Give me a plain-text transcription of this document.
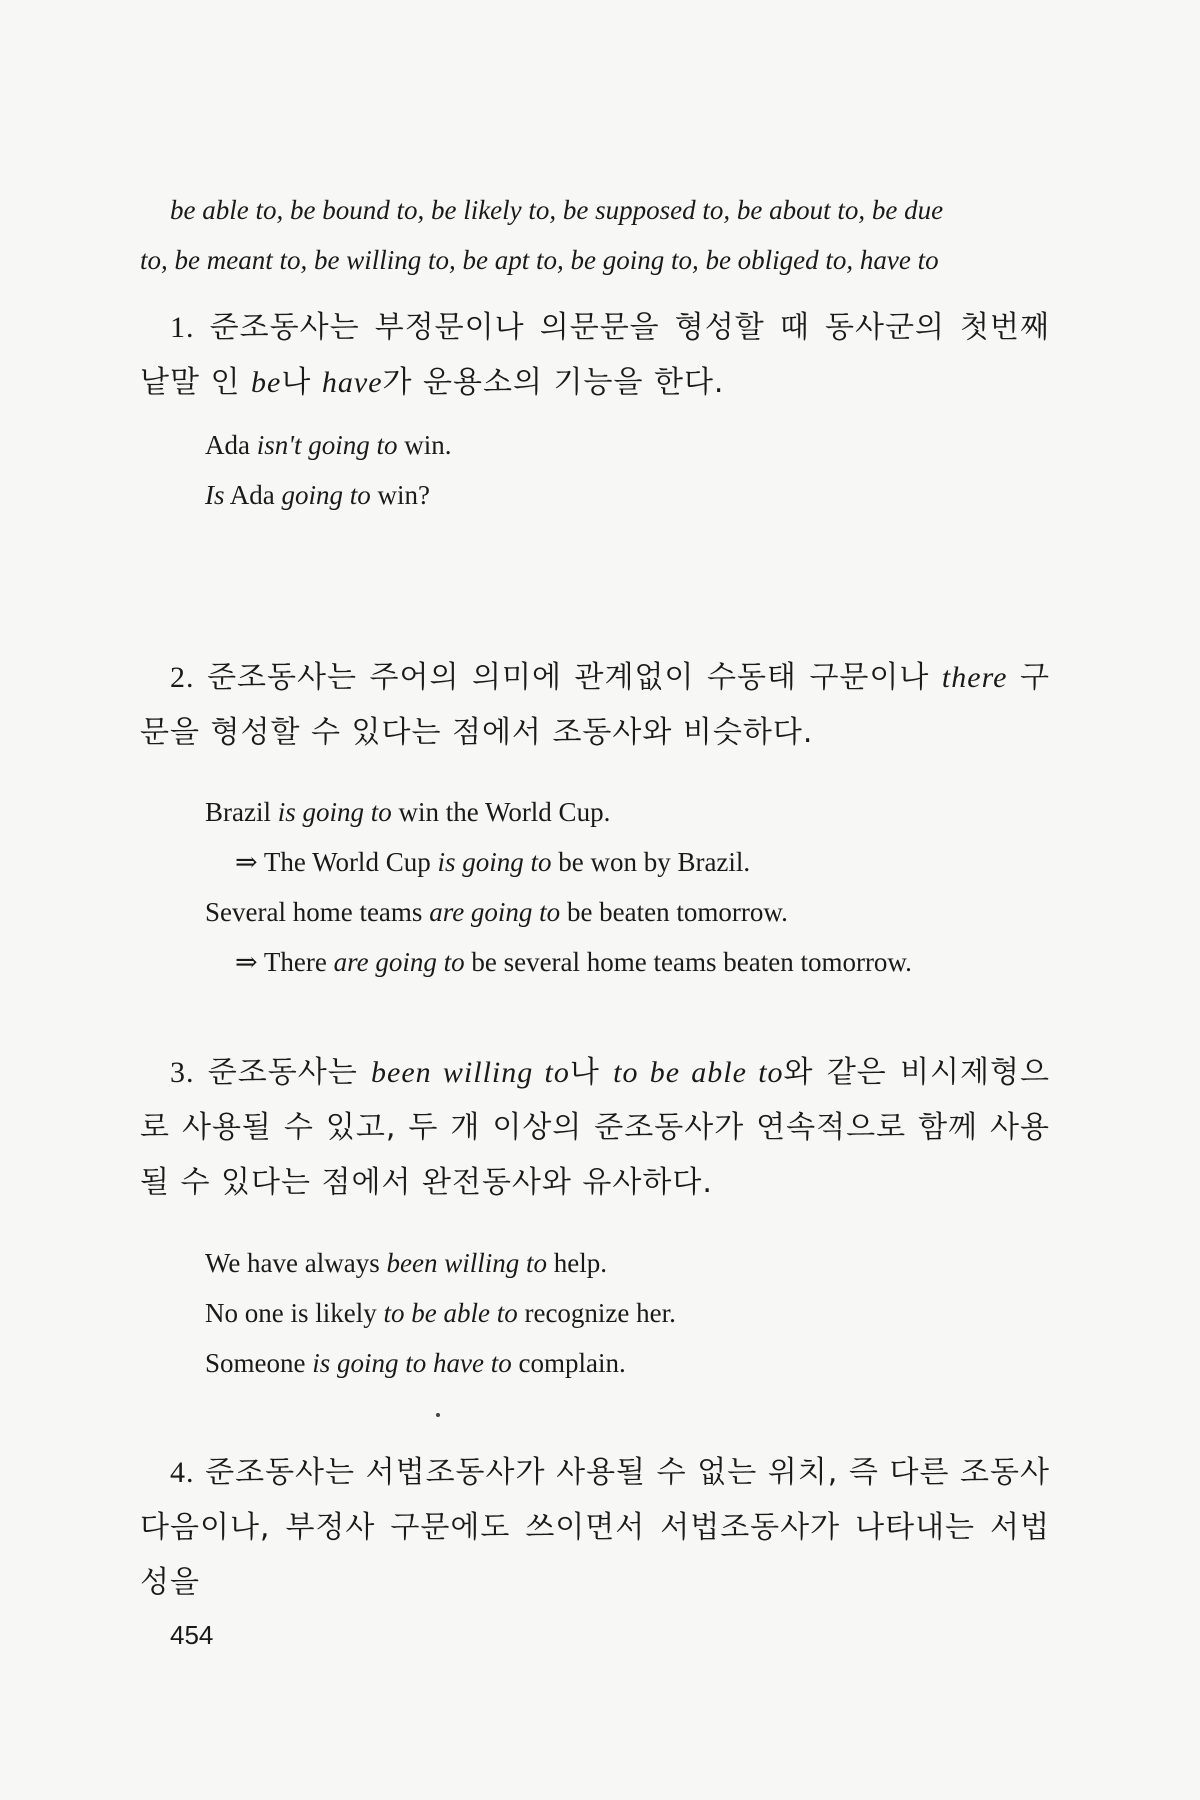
be able to, be bound to, be likely to, be supposed to, be about to, be due
to, be meant to, be willing to, be apt to, be going to, be obliged to, have to
1. 준조동사는 부정문이나 의문문을 형성할 때 동사군의 첫번째 낱말 인 be나 have가 운용소의 기능을 한다.
Ada isn't going to win.
Is Ada going to win?
2. 준조동사는 주어의 의미에 관계없이 수동태 구문이나 there 구문을 형성할 수 있다는 점에서 조동사와 비슷하다.
Brazil is going to win the World Cup.
⇒ The World Cup is going to be won by Brazil.
Several home teams are going to be beaten tomorrow.
⇒ There are going to be several home teams beaten tomorrow.
3. 준조동사는 been willing to나 to be able to와 같은 비시제형으로 사용될 수 있고, 두 개 이상의 준조동사가 연속적으로 함께 사용될 수 있다는 점에서 완전동사와 유사하다.
We have always been willing to help.
No one is likely to be able to recognize her.
Someone is going to have to complain.
4. 준조동사는 서법조동사가 사용될 수 없는 위치, 즉 다른 조동사 다음이나, 부정사 구문에도 쓰이면서 서법조동사가 나타내는 서법성을
454
